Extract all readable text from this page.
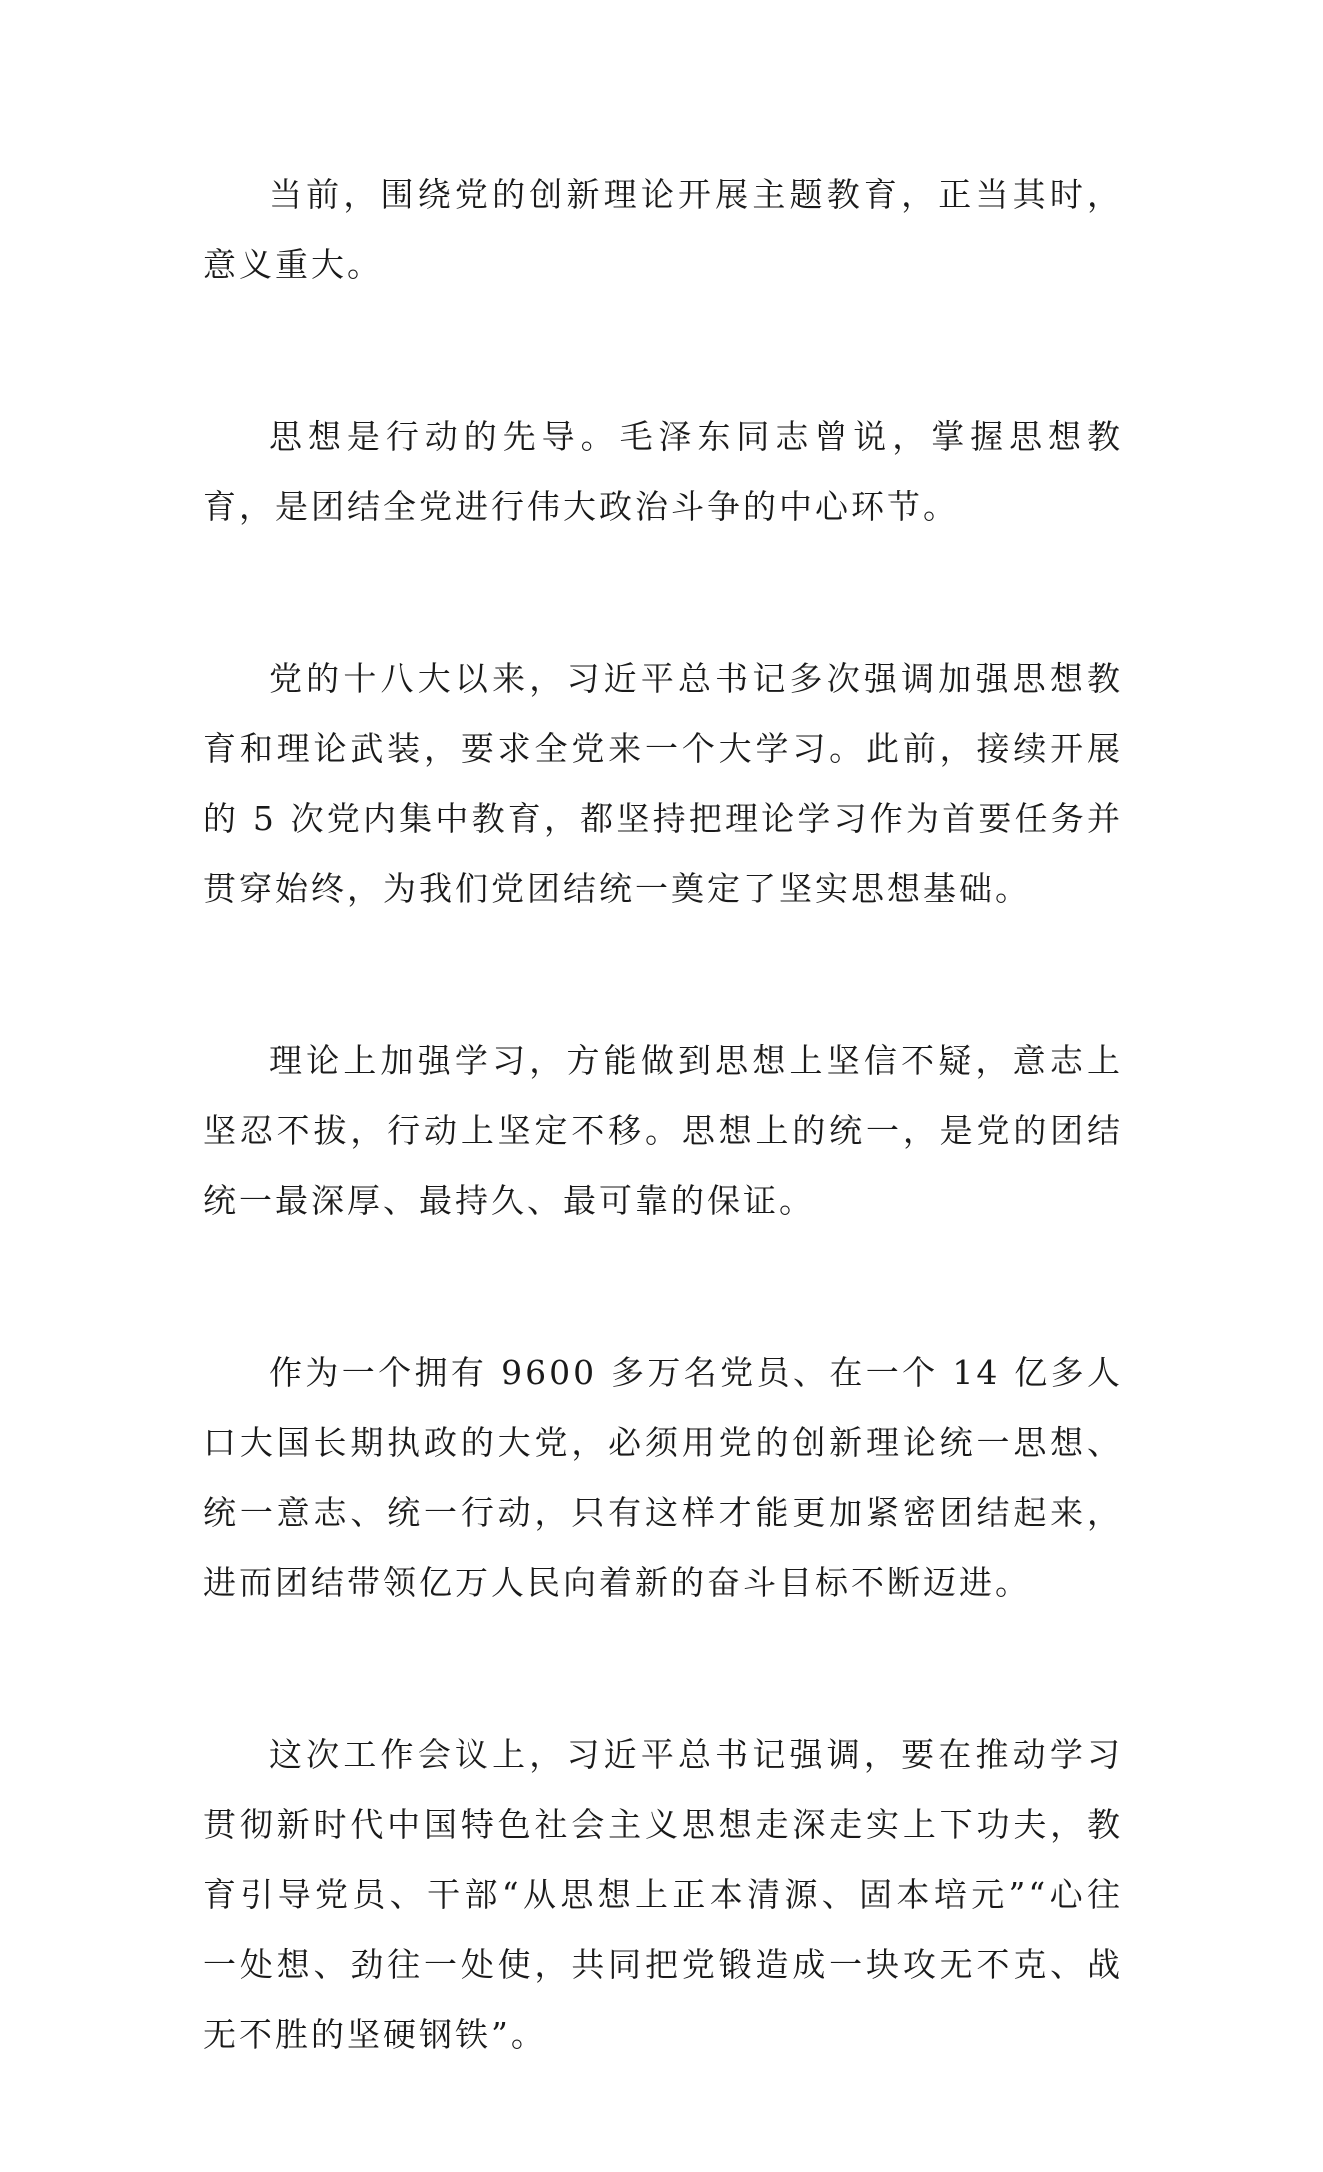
当前，围绕党的创新理论开展主题教育，正当其时，意义重大。

思想是行动的先导。毛泽东同志曾说，掌握思想教育，是团结全党进行伟大政治斗争的中心环节。

党的十八大以来，习近平总书记多次强调加强思想教育和理论武装，要求全党来一个大学习。此前，接续开展的 5 次党内集中教育，都坚持把理论学习作为首要任务并贯穿始终，为我们党团结统一奠定了坚实思想基础。

理论上加强学习，方能做到思想上坚信不疑，意志上坚忍不拔，行动上坚定不移。思想上的统一，是党的团结统一最深厚、最持久、最可靠的保证。

作为一个拥有 9600 多万名党员、在一个 14 亿多人口大国长期执政的大党，必须用党的创新理论统一思想、统一意志、统一行动，只有这样才能更加紧密团结起来，进而团结带领亿万人民向着新的奋斗目标不断迈进。

这次工作会议上，习近平总书记强调，要在推动学习贯彻新时代中国特色社会主义思想走深走实上下功夫，教育引导党员、干部“从思想上正本清源、固本培元”“心往一处想、劲往一处使，共同把党锻造成一块攻无不克、战无不胜的坚硬钢铁”。
